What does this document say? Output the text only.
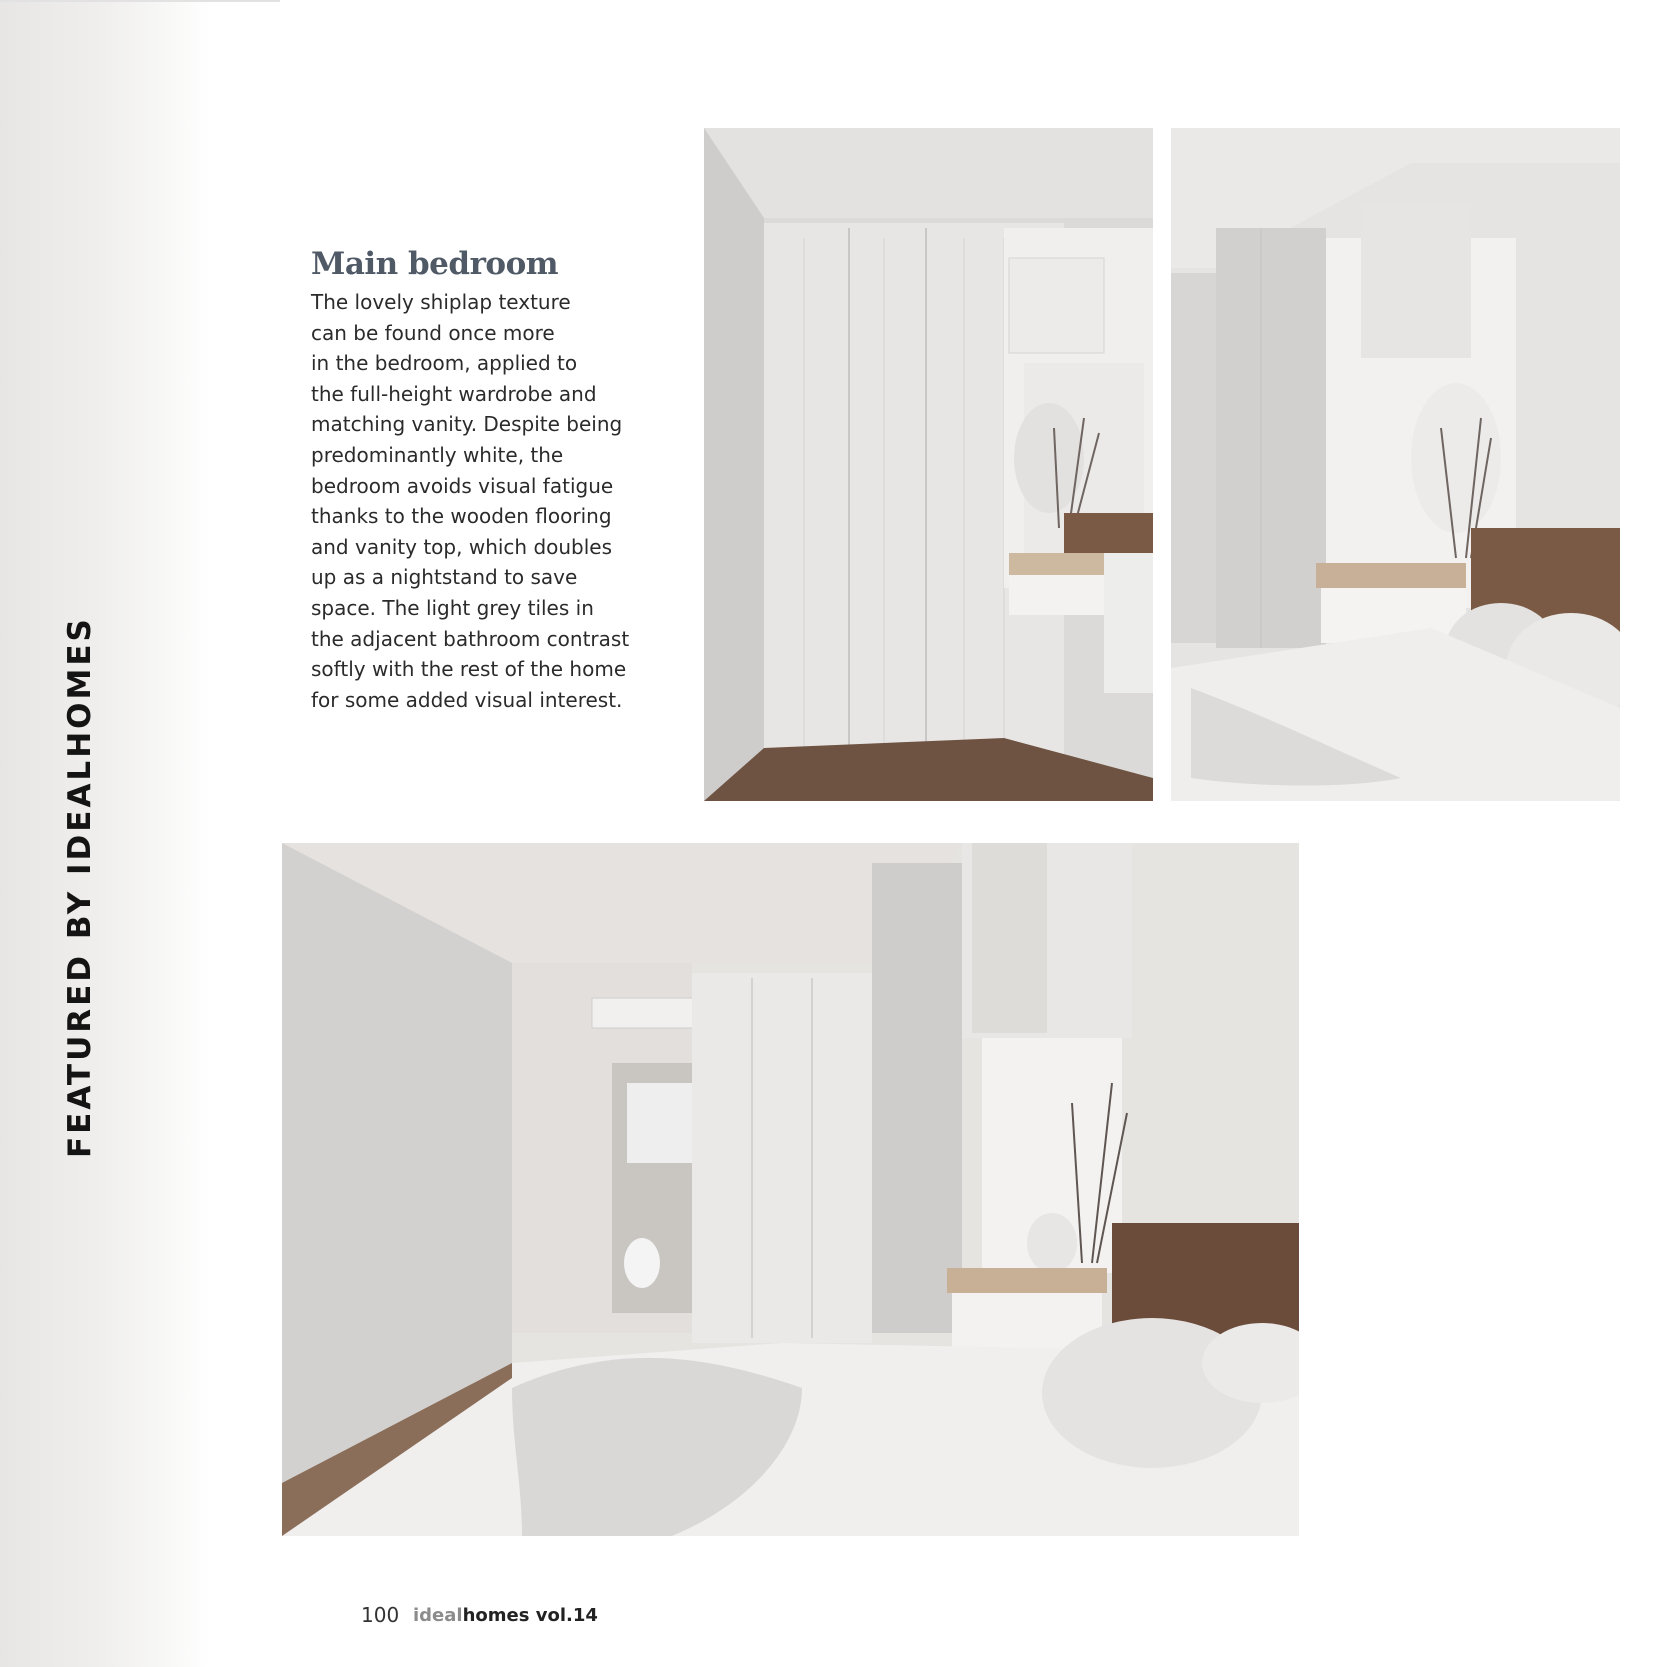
FEATURED BY IDEALHOMES
Main bedroom
The lovely shiplap texture
can be found once more
in the bedroom, applied to
the full-height wardrobe and
matching vanity. Despite being
predominantly white, the
bedroom avoids visual fatigue
thanks to the wooden flooring
and vanity top, which doubles
up as a nightstand to save
space. The light grey tiles in
the adjacent bathroom contrast
softly with the rest of the home
for some added visual interest.
100 idealhomes vol.14
